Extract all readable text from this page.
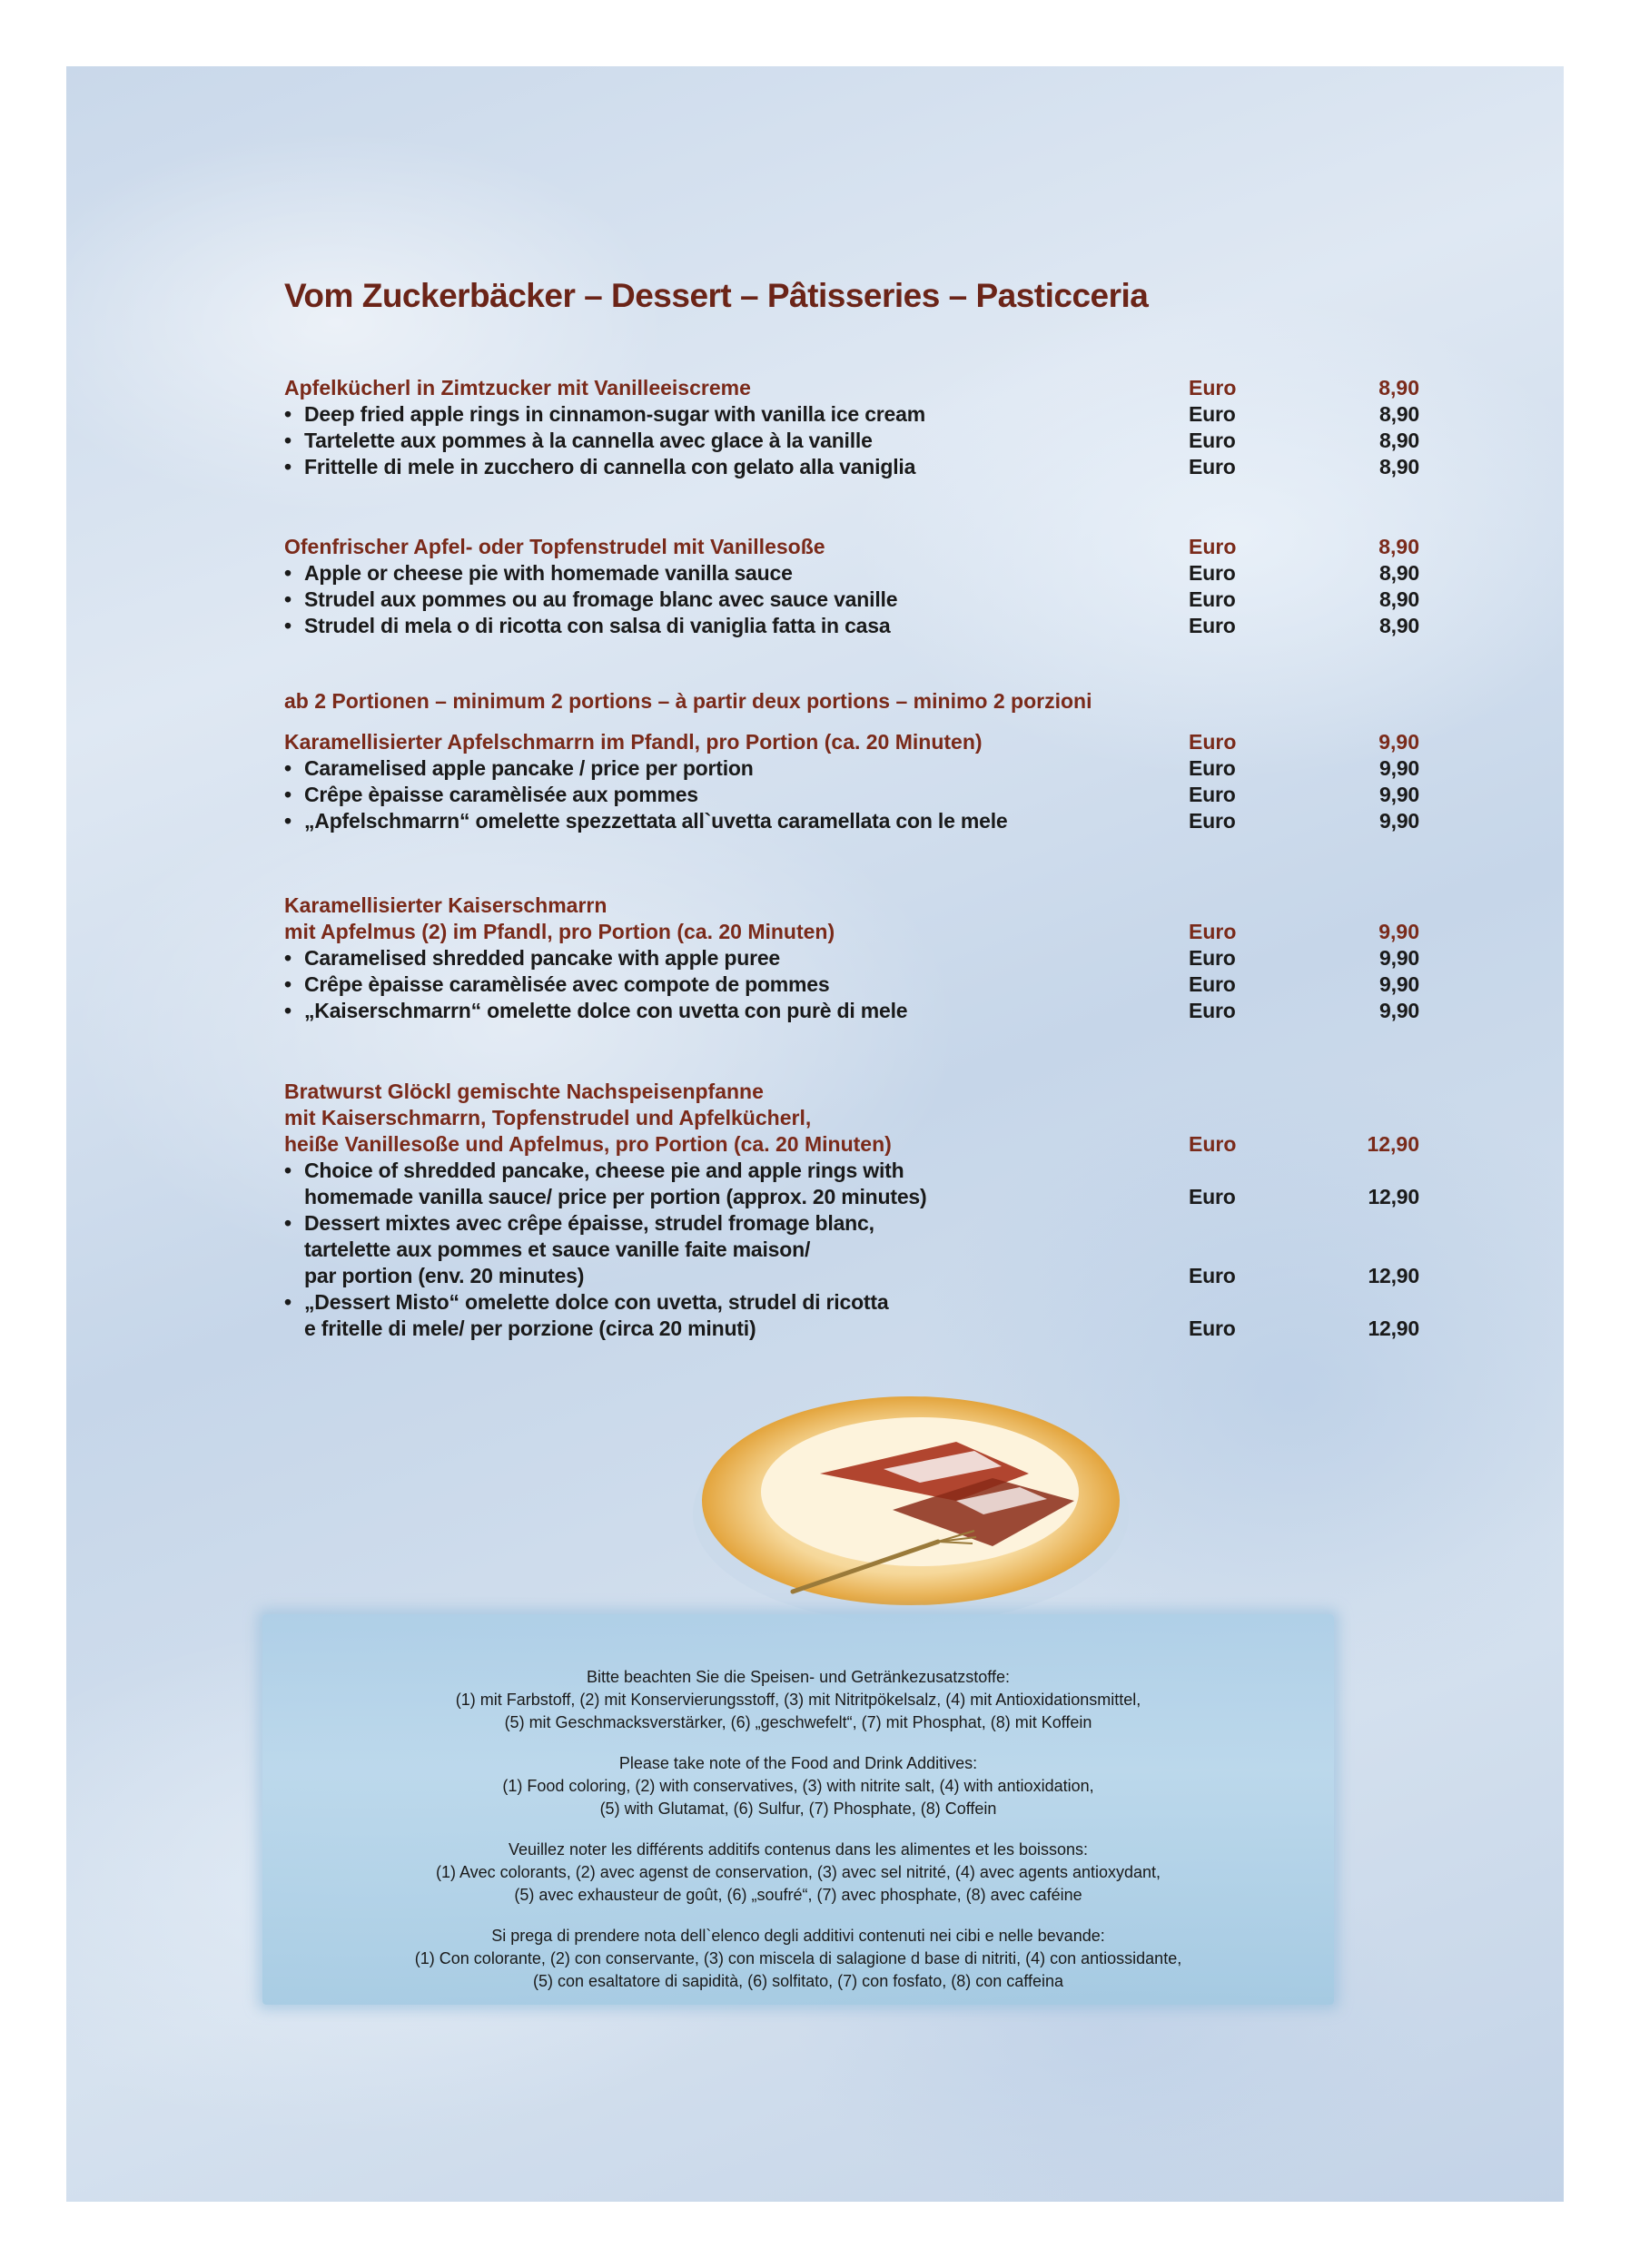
Vom Zuckerbäcker – Dessert – Pâtisseries – Pasticceria
Apfelkücherl in Zimtzucker mit Vanilleeiscreme	Euro	8,90
• Deep fried apple rings in cinnamon-sugar with vanilla ice cream	Euro	8,90
• Tartelette aux pommes à la cannella avec glace à la vanille	Euro	8,90
• Frittelle di mele in zucchero di cannella con gelato alla vaniglia	Euro	8,90
Ofenfrischer Apfel- oder Topfenstrudel mit Vanillesoße	Euro	8,90
• Apple or cheese pie with homemade vanilla sauce	Euro	8,90
• Strudel aux pommes ou au fromage blanc avec sauce vanille	Euro	8,90
• Strudel di mela o di ricotta con salsa di vaniglia fatta in casa	Euro	8,90
ab 2 Portionen – minimum 2 portions – à partir deux portions – minimo 2 porzioni
Karamellisierter Apfelschmarrn im Pfandl, pro Portion (ca. 20 Minuten)	Euro	9,90
• Caramelised apple pancake / price per portion	Euro	9,90
• Crêpe èpaisse caramèlisée aux pommes	Euro	9,90
• „Apfelschmarrn“ omelette spezzettata all`uvetta caramellata con le mele	Euro	9,90
Karamellisierter Kaiserschmarrn
mit Apfelmus (2) im Pfandl, pro Portion (ca. 20 Minuten)	Euro	9,90
• Caramelised shredded pancake with apple puree	Euro	9,90
• Crêpe èpaisse caramèlisée avec compote de pommes	Euro	9,90
• „Kaiserschmarrn“ omelette dolce con uvetta con purè di mele	Euro	9,90
Bratwurst Glöckl gemischte Nachspeisenpfanne
mit Kaiserschmarrn, Topfenstrudel und Apfelkücherl,
heiße Vanillesoße und Apfelmus, pro Portion (ca. 20 Minuten)	Euro	12,90
• Choice of shredded pancake, cheese pie and apple rings with
homemade vanilla sauce/ price per portion (approx. 20 minutes)	Euro	12,90
• Dessert mixtes avec crêpe épaisse, strudel fromage blanc,
tartelette aux pommes et sauce vanille faite maison/
par portion (env. 20 minutes)	Euro	12,90
• „Dessert Misto“ omelette dolce con uvetta, strudel di ricotta
e fritelle di mele/ per porzione (circa 20 minuti)	Euro	12,90
Bitte beachten Sie die Speisen- und Getränkezusatzstoffe:
(1) mit Farbstoff, (2) mit Konservierungsstoff, (3) mit Nitritpökelsalz, (4) mit Antioxidationsmittel,
(5) mit Geschmacksverstärker, (6) „geschwefelt“, (7) mit Phosphat, (8) mit Koffein
Please take note of the Food and Drink Additives:
(1) Food coloring, (2) with conservatives, (3) with nitrite salt, (4) with antioxidation,
(5) with Glutamat, (6) Sulfur, (7) Phosphate, (8) Coffein
Veuillez noter les différents additifs contenus dans les alimentes et les boissons:
(1) Avec colorants, (2) avec agenst de conservation, (3) avec sel nitrité, (4) avec agents antioxydant,
(5) avec exhausteur de goût, (6) „soufré“, (7) avec phosphate, (8) avec caféine
Si prega di prendere nota dell`elenco degli additivi contenuti nei cibi e nelle bevande:
(1) Con colorante, (2) con conservante, (3) con miscela di salagione d base di nitriti, (4) con antiossidante,
(5) con esaltatore di sapidità, (6) solfitato, (7) con fosfato, (8) con caffeina
